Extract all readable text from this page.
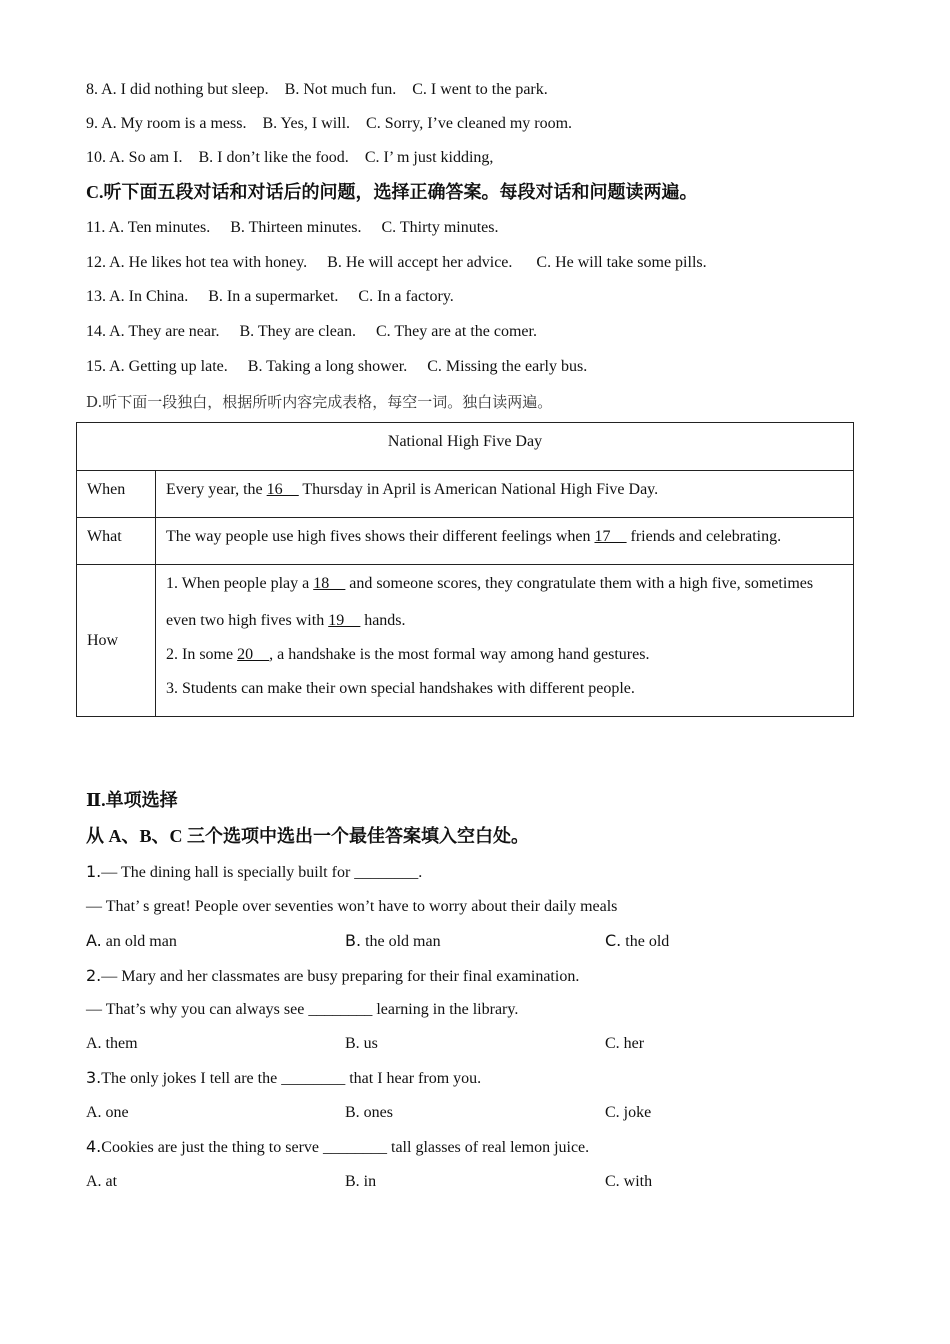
8. A. I did nothing but sleep. B. Not much fun. C. I went to the park.
9. A. My room is a mess. B. Yes, I will. C. Sorry, I’ve cleaned my room.
10. A. So am I. B. I don’t like the food. C. I’ m just kidding,
C.听下面五段对话和对话后的问题，选择正确答案。每段对话和问题读两遍。
11. A. Ten minutes. B. Thirteen minutes. C. Thirty minutes.
12. A. He likes hot tea with honey. B. He will accept her advice. C. He will take some pills.
13. A. In China. B. In a supermarket. C. In a factory.
14. A. They are near. B. They are clean. C. They are at the comer.
15. A. Getting up late. B. Taking a long shower. C. Missing the early bus.
D.听下面一段独白，根据所听内容完成表格，每空一词。独白读两遍。
National High Five Day	

When	Every year, the 16__ Thursday in April is American National High Five Day.

What	The way people use high fives shows their different feelings when 17__ friends and celebrating.

How	1. When people play a 18__ and someone scores, they congratulate them with a high five, sometimes
even two high fives with 19__ hands.
2. In some 20__, a handshake is the most formal way among hand gestures.
3. Students can make their own special handshakes with different people.
Ⅱ.单项选择
从 A、B、C 三个选项中选出一个最佳答案填入空白处。
1.— The dining hall is specially built for ________.
— That’ s great! People over seventies won’t have to worry about their daily meals
A. an old man	B. the old man	C. the old
2.— Mary and her classmates are busy preparing for their final examination.
— That’s why you can always see ________ learning in the library.
A. them	B. us	C. her
3.The only jokes I tell are the ________ that I hear from you.
A. one	B. ones	C. joke
4.Cookies are just the thing to serve ________ tall glasses of real lemon juice.
A. at	B. in	C. with
